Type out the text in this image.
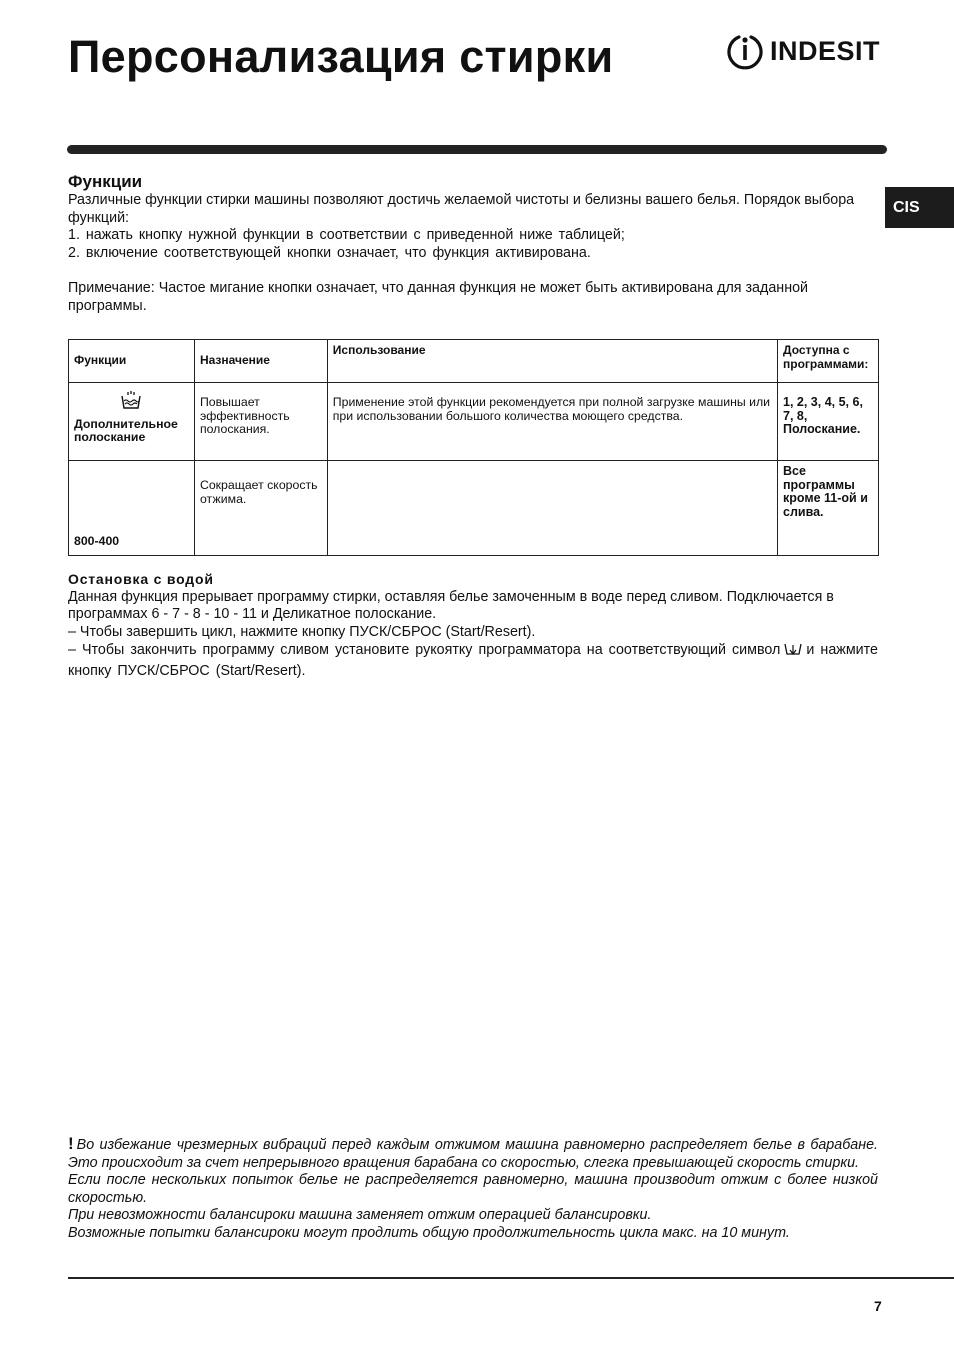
Персонализация стирки	INDESIT
CIS
Функции

Различные функции стирки машины позволяют достичь желаемой чистоты и белизны вашего белья. Порядок выбора функций:

1. нажать кнопку нужной функции в соответствии с приведенной ниже таблицей;

2. включение соответствующей кнопки означает, что функция активирована.

Примечание: Частое мигание кнопки означает, что данная функция не может быть активирована для заданной программы.

Функции	Назначение	Использование	Доступна с программами:

Дополнительное полоскание	Повышает эффективность полоскания.	Применение этой функции рекомендуется при полной загрузке машины или при использовании большого количества моющего средства.	1, 2, 3, 4, 5, 6, 7, 8, Полоскание.

800-400	Сокращает скорость отжима.		Все программы кроме 11-ой и слива.
Остановка с водой

Данная функция прерывает программу стирки, оставляя белье замоченным в воде перед сливом. Подключается в программах 6 - 7 - 8 - 10 - 11 и Деликатное полоскание.

– Чтобы завершить цикл, нажмите кнопку ПУСК/СБРОС (Start/Resert).

– Чтобы закончить программу сливом установите рукоятку программатора на соответствующий символ и нажмите кнопку ПУСК/СБРОС (Start/Resert).

! Во избежание чрезмерных вибраций перед каждым отжимом машина равномерно распределяет белье в барабане. Это происходит за счет непрерывного вращения барабана со скоростью, слегка превышающей скорость стирки.

Если после нескольких попыток белье не распределяется равномерно, машина производит отжим с более низкой скоростью.

При невозможности балансироки машина заменяет отжим операцией балансировки.

Возможные попытки балансироки могут продлить общую продолжительность цикла макс. на 10 минут.

7
